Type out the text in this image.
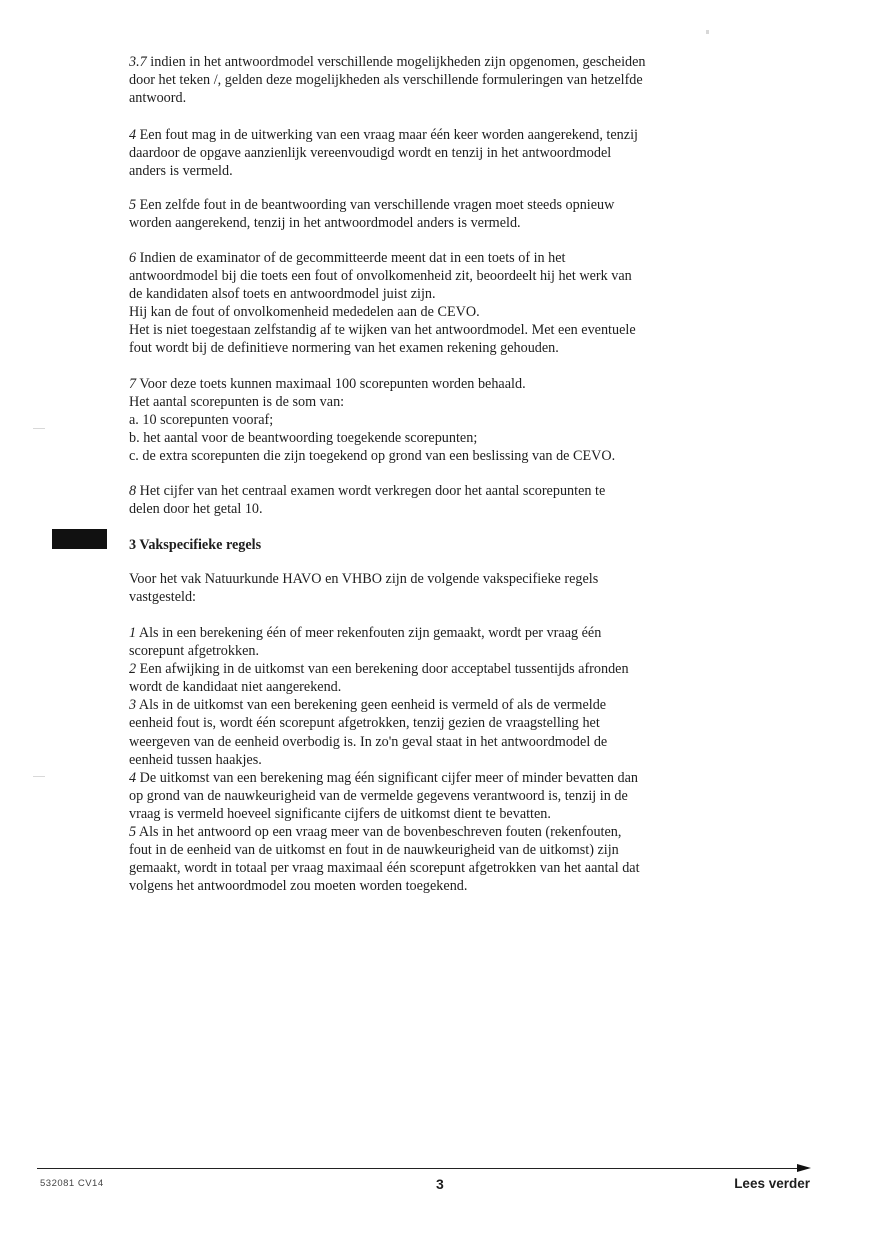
3.7 indien in het antwoordmodel verschillende mogelijkheden zijn opgenomen, gescheiden

door het teken /, gelden deze mogelijkheden als verschillende formuleringen van hetzelfde

antwoord.

4 Een fout mag in de uitwerking van een vraag maar één keer worden aangerekend, tenzij

daardoor de opgave aanzienlijk vereenvoudigd wordt en tenzij in het antwoordmodel

anders is vermeld.

5 Een zelfde fout in de beantwoording van verschillende vragen moet steeds opnieuw

worden aangerekend, tenzij in het antwoordmodel anders is vermeld.

6 Indien de examinator of de gecommitteerde meent dat in een toets of in het

antwoordmodel bij die toets een fout of onvolkomenheid zit, beoordeelt hij het werk van

de kandidaten alsof toets en antwoordmodel juist zijn.

Hij kan de fout of onvolkomenheid mededelen aan de CEVO.

Het is niet toegestaan zelfstandig af te wijken van het antwoordmodel. Met een eventuele

fout wordt bij de definitieve normering van het examen rekening gehouden.

7 Voor deze toets kunnen maximaal 100 scorepunten worden behaald.

Het aantal scorepunten is de som van:

a. 10 scorepunten vooraf;

b. het aantal voor de beantwoording toegekende scorepunten;

c. de extra scorepunten die zijn toegekend op grond van een beslissing van de CEVO.

8 Het cijfer van het centraal examen wordt verkregen door het aantal scorepunten te

delen door het getal 10.

3 Vakspecifieke regels

Voor het vak Natuurkunde HAVO en VHBO zijn de volgende vakspecifieke regels

vastgesteld:

1 Als in een berekening één of meer rekenfouten zijn gemaakt, wordt per vraag één

scorepunt afgetrokken.

2 Een afwijking in de uitkomst van een berekening door acceptabel tussentijds afronden

wordt de kandidaat niet aangerekend.

3 Als in de uitkomst van een berekening geen eenheid is vermeld of als de vermelde

eenheid fout is, wordt één scorepunt afgetrokken, tenzij gezien de vraagstelling het

weergeven van de eenheid overbodig is. In zo'n geval staat in het antwoordmodel de

eenheid tussen haakjes.

4 De uitkomst van een berekening mag één significant cijfer meer of minder bevatten dan

op grond van de nauwkeurigheid van de vermelde gegevens verantwoord is, tenzij in de

vraag is vermeld hoeveel significante cijfers de uitkomst dient te bevatten.

5 Als in het antwoord op een vraag meer van de bovenbeschreven fouten (rekenfouten,

fout in de eenheid van de uitkomst en fout in de nauwkeurigheid van de uitkomst) zijn

gemaakt, wordt in totaal per vraag maximaal één scorepunt afgetrokken van het aantal dat

volgens het antwoordmodel zou moeten worden toegekend.

532081 CV14	3	Lees verder
